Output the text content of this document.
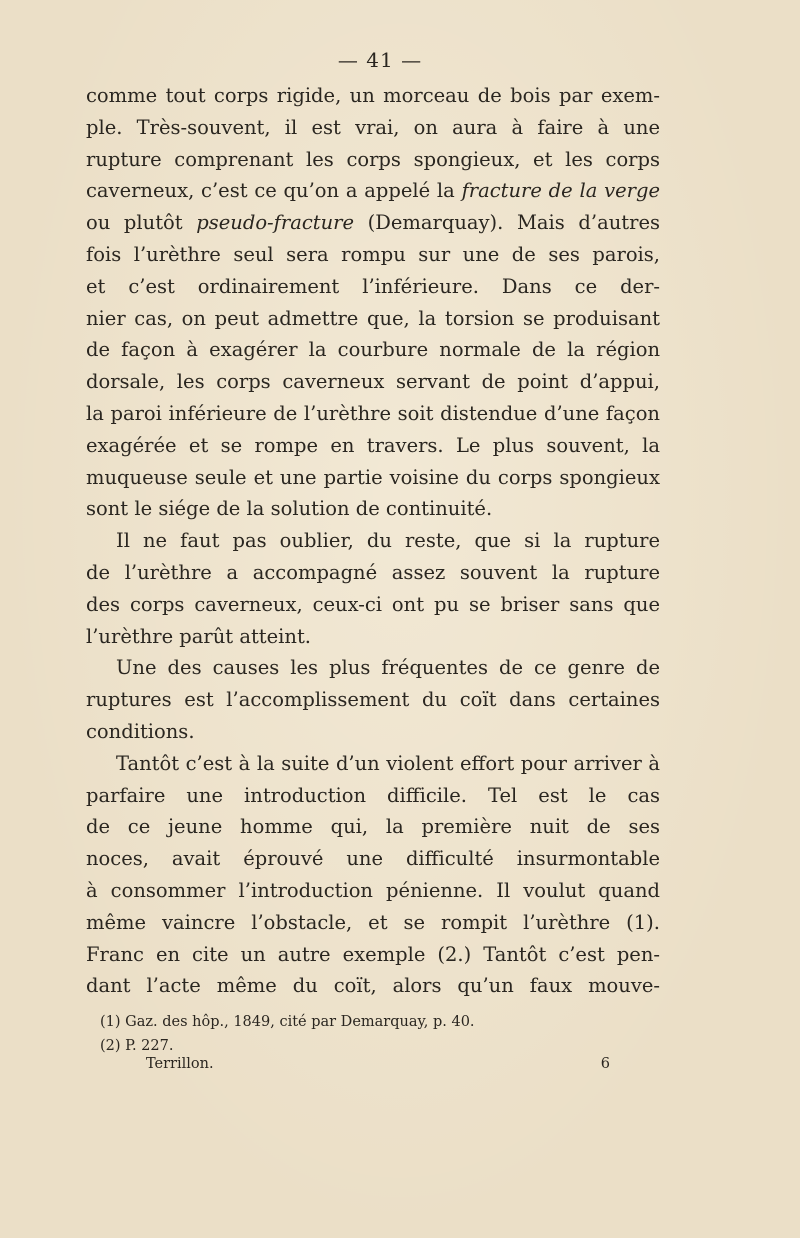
— 41 —
comme tout corps rigide, un morceau de bois par exem-
ple. Très-souvent, il est vrai, on aura à faire à une
rupture comprenant les corps spongieux, et les corps
caverneux, c’est ce qu’on a appelé la fracture de la verge
ou plutôt pseudo-fracture (Demarquay). Mais d’autres
fois l’urèthre seul sera rompu sur une de ses parois,
et c’est ordinairement l’inférieure. Dans ce der-
nier cas, on peut admettre que, la torsion se produisant
de façon à exagérer la courbure normale de la région
dorsale, les corps caverneux servant de point d’appui,
la paroi inférieure de l’urèthre soit distendue d’une façon
exagérée et se rompe en travers. Le plus souvent, la
muqueuse seule et une partie voisine du corps spongieux
sont le siége de la solution de continuité.
Il ne faut pas oublier, du reste, que si la rupture
de l’urèthre a accompagné assez souvent la rupture
des corps caverneux, ceux-ci ont pu se briser sans que
l’urèthre parût atteint.
Une des causes les plus fréquentes de ce genre de
ruptures est l’accomplissement du coït dans certaines
conditions.
Tantôt c’est à la suite d’un violent effort pour arriver à
parfaire une introduction difficile. Tel est le cas
de ce jeune homme qui, la première nuit de ses
noces, avait éprouvé une difficulté insurmontable
à consommer l’introduction pénienne. Il voulut quand
même vaincre l’obstacle, et se rompit l’urèthre (1).
Franc en cite un autre exemple (2.) Tantôt c’est pen-
dant l’acte même du coït, alors qu’un faux mouve-
(1) Gaz. des hôp., 1849, cité par Demarquay, p. 40.
(2) P. 227.
Terrillon.	6
